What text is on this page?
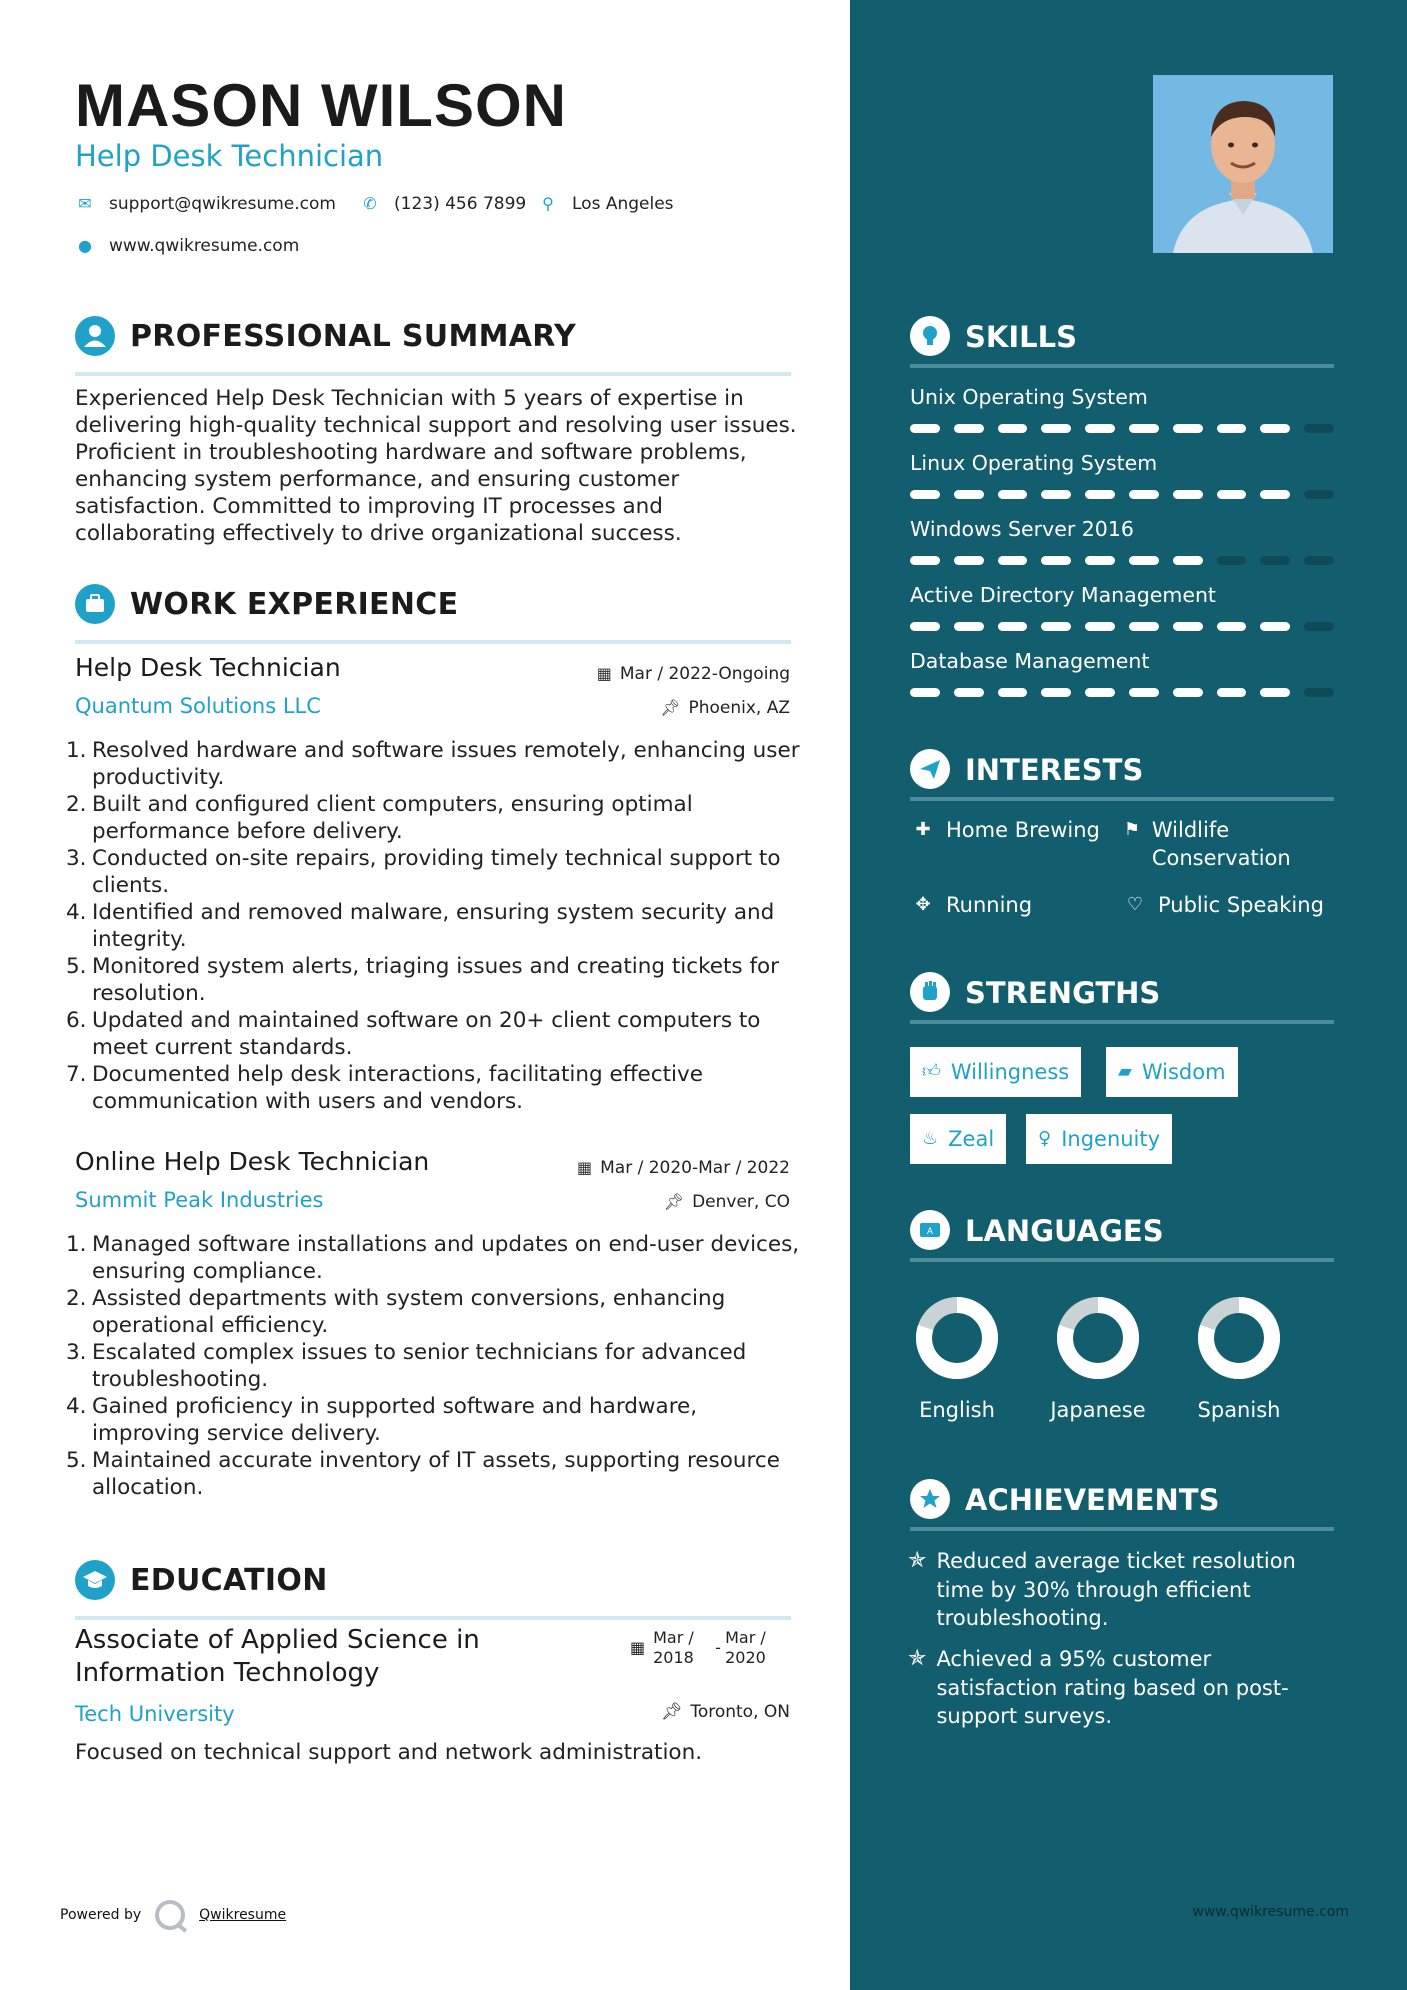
MASON WILSON
Help Desk Technician
✉ support@qwikresume.com ✆ (123) 456 7899 ⚲ Los Angeles
● www.qwikresume.com
PROFESSIONAL SUMMARY
Experienced Help Desk Technician with 5 years of expertise in delivering high-quality technical support and resolving user issues. Proficient in troubleshooting hardware and software problems, enhancing system performance, and ensuring customer satisfaction. Committed to improving IT processes and collaborating effectively to drive organizational success.
WORK EXPERIENCE
Help Desk Technician	▦ Mar / 2022-Ongoing
Quantum Solutions LLC	📌︎ Phoenix, AZ
1. Resolved hardware and software issues remotely, enhancing user productivity.
2. Built and configured client computers, ensuring optimal performance before delivery.
3. Conducted on-site repairs, providing timely technical support to clients.
4. Identified and removed malware, ensuring system security and integrity.
5. Monitored system alerts, triaging issues and creating tickets for resolution.
6. Updated and maintained software on 20+ client computers to meet current standards.
7. Documented help desk interactions, facilitating effective communication with users and vendors.
Online Help Desk Technician	▦ Mar / 2020-Mar / 2022
Summit Peak Industries	📌︎ Denver, CO
1. Managed software installations and updates on end-user devices, ensuring compliance.
2. Assisted departments with system conversions, enhancing operational efficiency.
3. Escalated complex issues to senior technicians for advanced troubleshooting.
4. Gained proficiency in supported software and hardware, improving service delivery.
5. Maintained accurate inventory of IT assets, supporting resource allocation.
EDUCATION
Associate of Applied Science in Information Technology
▦
Mar /
2018
-
Mar /
2020
Tech University	📌︎ Toronto, ON
Focused on technical support and network administration.
Powered by	Qwikresume
SKILLS
Unix Operating System
Linux Operating System
Windows Server 2016
Active Directory Management
Database Management
INTERESTS
✚ Home Brewing ⚑ Wildlife Conservation
✥ Running	♡ Public Speaking
STRENGTHS
👍︎ Willingness	▰ Wisdom
♨ Zeal ♀ Ingenuity
A LANGUAGES
English	Japanese	Spanish
ACHIEVEMENTS
✯ Reduced average ticket resolution time by 30% through efficient troubleshooting.
✯ Achieved a 95% customer satisfaction rating based on post-support surveys.
www.qwikresume.com
